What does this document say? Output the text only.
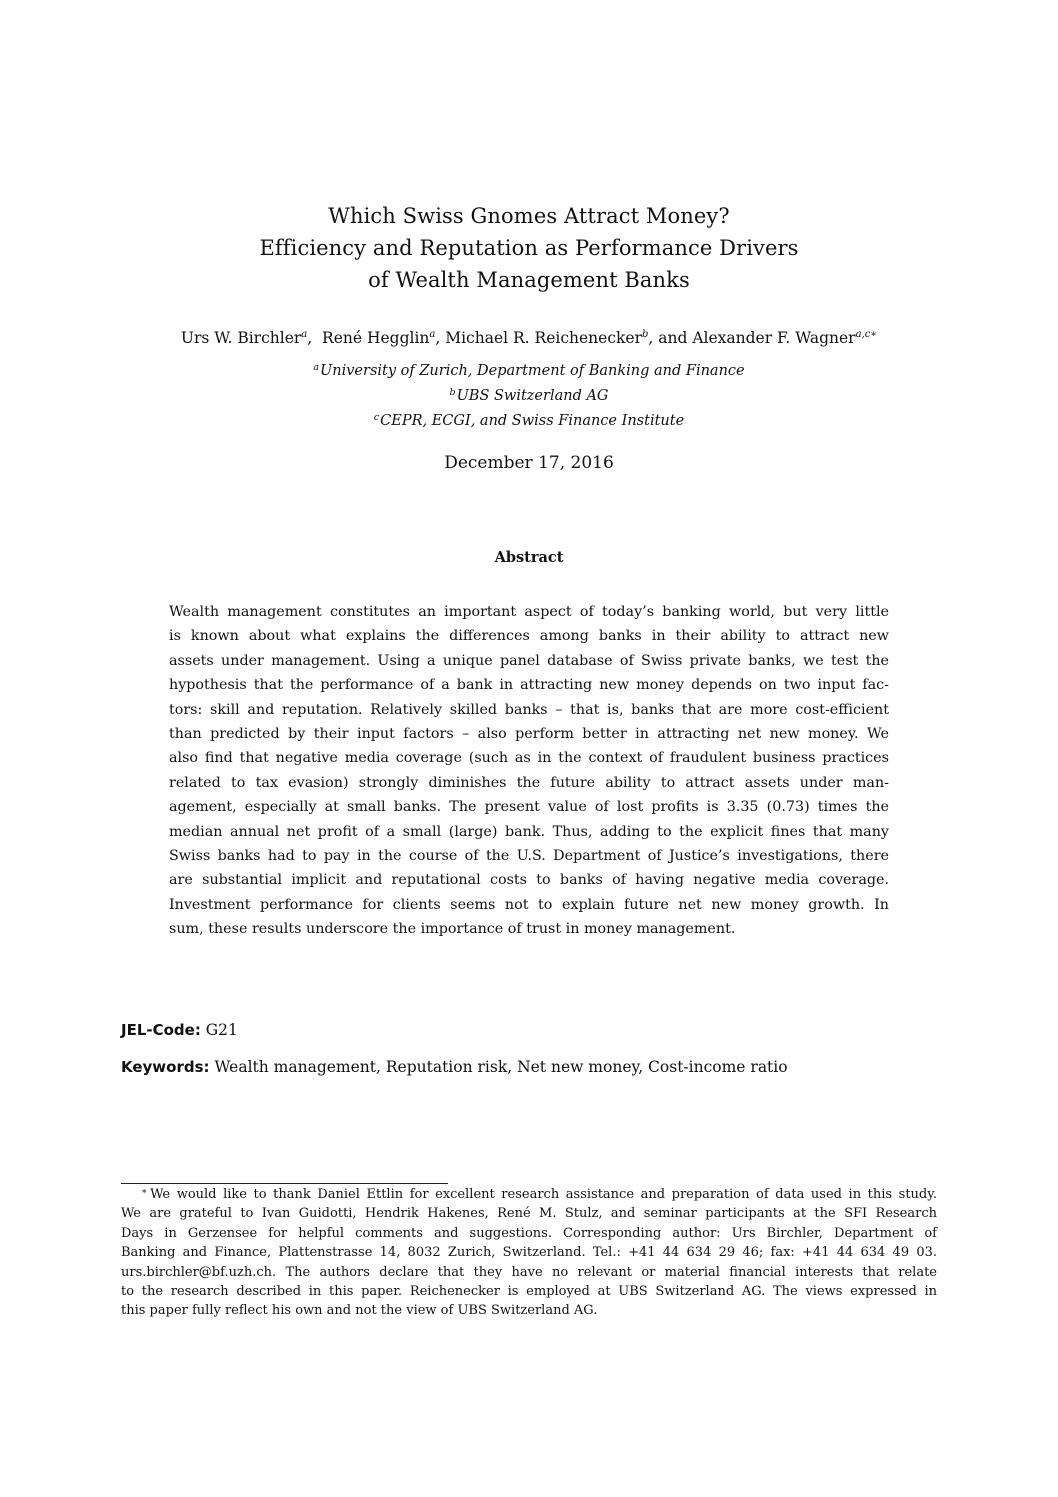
Which Swiss Gnomes Attract Money?
Efficiency and Reputation as Performance Drivers
of Wealth Management Banks
Urs W. Birchler$^a$,  René Hegglin$^a$, Michael R. Reichenecker$^b$, and Alexander F. Wagner$^{a,c∗}$
$^a$University of Zurich, Department of Banking and Finance
$^b$UBS Switzerland AG
$^c$CEPR, ECGI, and Swiss Finance Institute
December 17, 2016
Abstract
Wealth management constitutes an important aspect of today’s banking world, but very little
is known about what explains the differences among banks in their ability to attract new
assets under management. Using a unique panel database of Swiss private banks, we test the
hypothesis that the performance of a bank in attracting new money depends on two input fac-
tors: skill and reputation. Relatively skilled banks – that is, banks that are more cost-efficient
than predicted by their input factors – also perform better in attracting net new money. We
also find that negative media coverage (such as in the context of fraudulent business practices
related to tax evasion) strongly diminishes the future ability to attract assets under man-
agement, especially at small banks. The present value of lost profits is 3.35 (0.73) times the
median annual net profit of a small (large) bank. Thus, adding to the explicit fines that many
Swiss banks had to pay in the course of the U.S. Department of Justice’s investigations, there
are substantial implicit and reputational costs to banks of having negative media coverage.
Investment performance for clients seems not to explain future net new money growth. In
sum, these results underscore the importance of trust in money management.
JEL-Code: G21
Keywords: Wealth management, Reputation risk, Net new money, Cost-income ratio
∗ We would like to thank Daniel Ettlin for excellent research assistance and preparation of data used in this study.
We are grateful to Ivan Guidotti, Hendrik Hakenes, René M. Stulz, and seminar participants at the SFI Research
Days in Gerzensee for helpful comments and suggestions. Corresponding author: Urs Birchler, Department of
Banking and Finance, Plattenstrasse 14, 8032 Zurich, Switzerland. Tel.: +41 44 634 29 46; fax: +41 44 634 49 03.
urs.birchler@bf.uzh.ch. The authors declare that they have no relevant or material financial interests that relate
to the research described in this paper. Reichenecker is employed at UBS Switzerland AG. The views expressed in
this paper fully reflect his own and not the view of UBS Switzerland AG.
